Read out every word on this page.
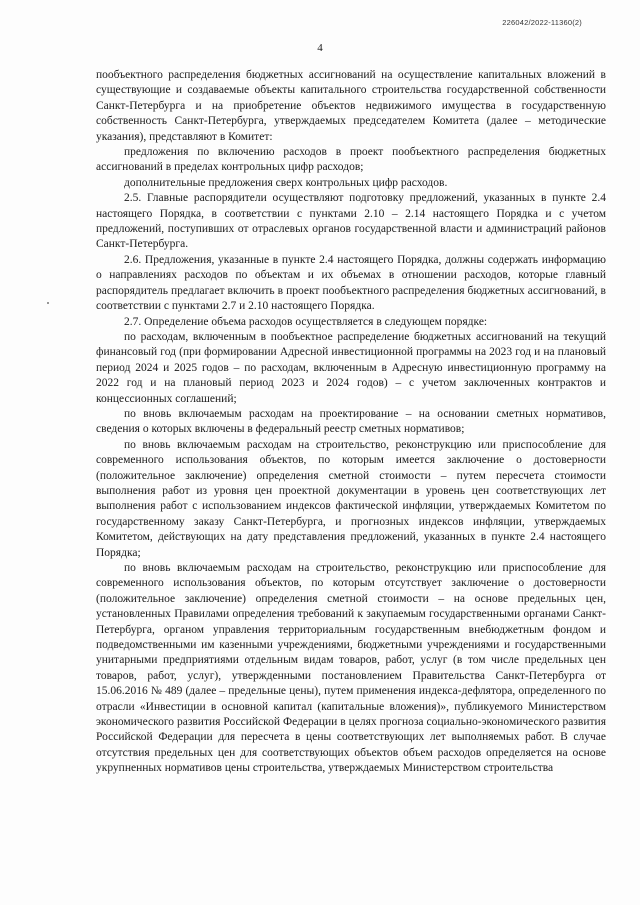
226042/2022-11360(2)
4

пообъектного распределения бюджетных ассигнований на осуществление капитальных вложений в существующие и создаваемые объекты капитального строительства государственной собственности Санкт-Петербурга и на приобретение объектов недвижимого имущества в государственную собственность Санкт-Петербурга, утверждаемых председателем Комитета (далее – методические указания), представляют в Комитет:

предложения по включению расходов в проект пообъектного распределения бюджетных ассигнований в пределах контрольных цифр расходов;

дополнительные предложения сверх контрольных цифр расходов.

2.5. Главные распорядители осуществляют подготовку предложений, указанных в пункте 2.4 настоящего Порядка, в соответствии с пунктами 2.10 – 2.14 настоящего Порядка и с учетом предложений, поступивших от отраслевых органов государственной власти и администраций районов Санкт-Петербурга.

2.6. Предложения, указанные в пункте 2.4 настоящего Порядка, должны содержать информацию о направлениях расходов по объектам и их объемах в отношении расходов, которые главный распорядитель предлагает включить в проект пообъектного распределения бюджетных ассигнований, в соответствии с пунктами 2.7 и 2.10 настоящего Порядка.

2.7. Определение объема расходов осуществляется в следующем порядке:

по расходам, включенным в пообъектное распределение бюджетных ассигнований на текущий финансовый год (при формировании Адресной инвестиционной программы на 2023 год и на плановый период 2024 и 2025 годов – по расходам, включенным в Адресную инвестиционную программу на 2022 год и на плановый период 2023 и 2024 годов) – с учетом заключенных контрактов и концессионных соглашений;

по вновь включаемым расходам на проектирование – на основании сметных нормативов, сведения о которых включены в федеральный реестр сметных нормативов;

по вновь включаемым расходам на строительство, реконструкцию или приспособление для современного использования объектов, по которым имеется заключение о достоверности (положительное заключение) определения сметной стоимости – путем пересчета стоимости выполнения работ из уровня цен проектной документации в уровень цен соответствующих лет выполнения работ с использованием индексов фактической инфляции, утверждаемых Комитетом по государственному заказу Санкт-Петербурга, и прогнозных индексов инфляции, утверждаемых Комитетом, действующих на дату представления предложений, указанных в пункте 2.4 настоящего Порядка;

по вновь включаемым расходам на строительство, реконструкцию или приспособление для современного использования объектов, по которым отсутствует заключение о достоверности (положительное заключение) определения сметной стоимости – на основе предельных цен, установленных Правилами определения требований к закупаемым государственными органами Санкт-Петербурга, органом управления территориальным государственным внебюджетным фондом и подведомственными им казенными учреждениями, бюджетными учреждениями и государственными унитарными предприятиями отдельным видам товаров, работ, услуг (в том числе предельных цен товаров, работ, услуг), утвержденными постановлением Правительства Санкт-Петербурга от 15.06.2016 № 489 (далее – предельные цены), путем применения индекса-дефлятора, определенного по отрасли «Инвестиции в основной капитал (капитальные вложения)», публикуемого Министерством экономического развития Российской Федерации в целях прогноза социально-экономического развития Российской Федерации для пересчета в цены соответствующих лет выполняемых работ. В случае отсутствия предельных цен для соответствующих объектов объем расходов определяется на основе укрупненных нормативов цены строительства, утверждаемых Министерством строительства
